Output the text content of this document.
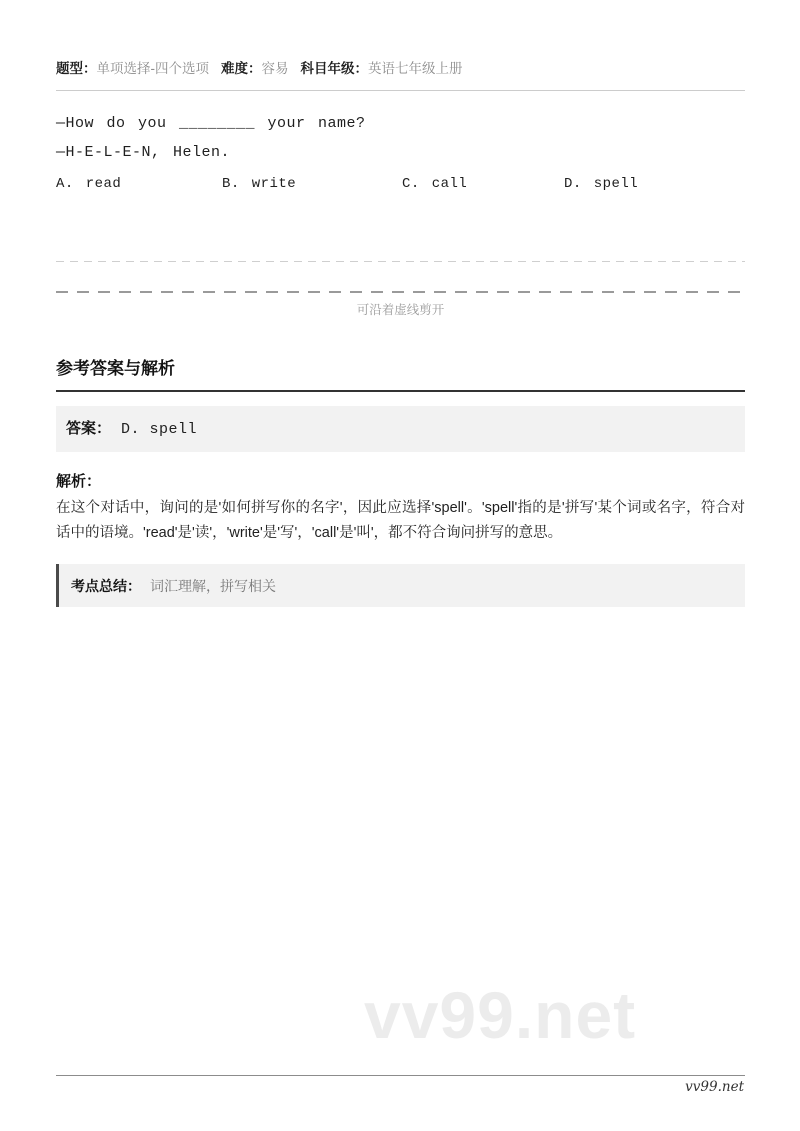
题型：单项选择-四个选项 难度：容易 科目年级：英语七年级上册
—How do you ________ your name?
—H-E-L-E-N, Helen.
A. read	B. write	C. call	D. spell
可沿着虚线剪开
参考答案与解析
答案： D. spell
解析：
在这个对话中，询问的是'如何拼写你的名字'，因此应选择'spell'。'spell'指的是'拼写'某个词或名字，符合对话中的语境。'read'是'读'，'write'是'写'，'call'是'叫'，都不符合询问拼写的意思。
考点总结： 词汇理解，拼写相关
vv99.net
vv99.net
